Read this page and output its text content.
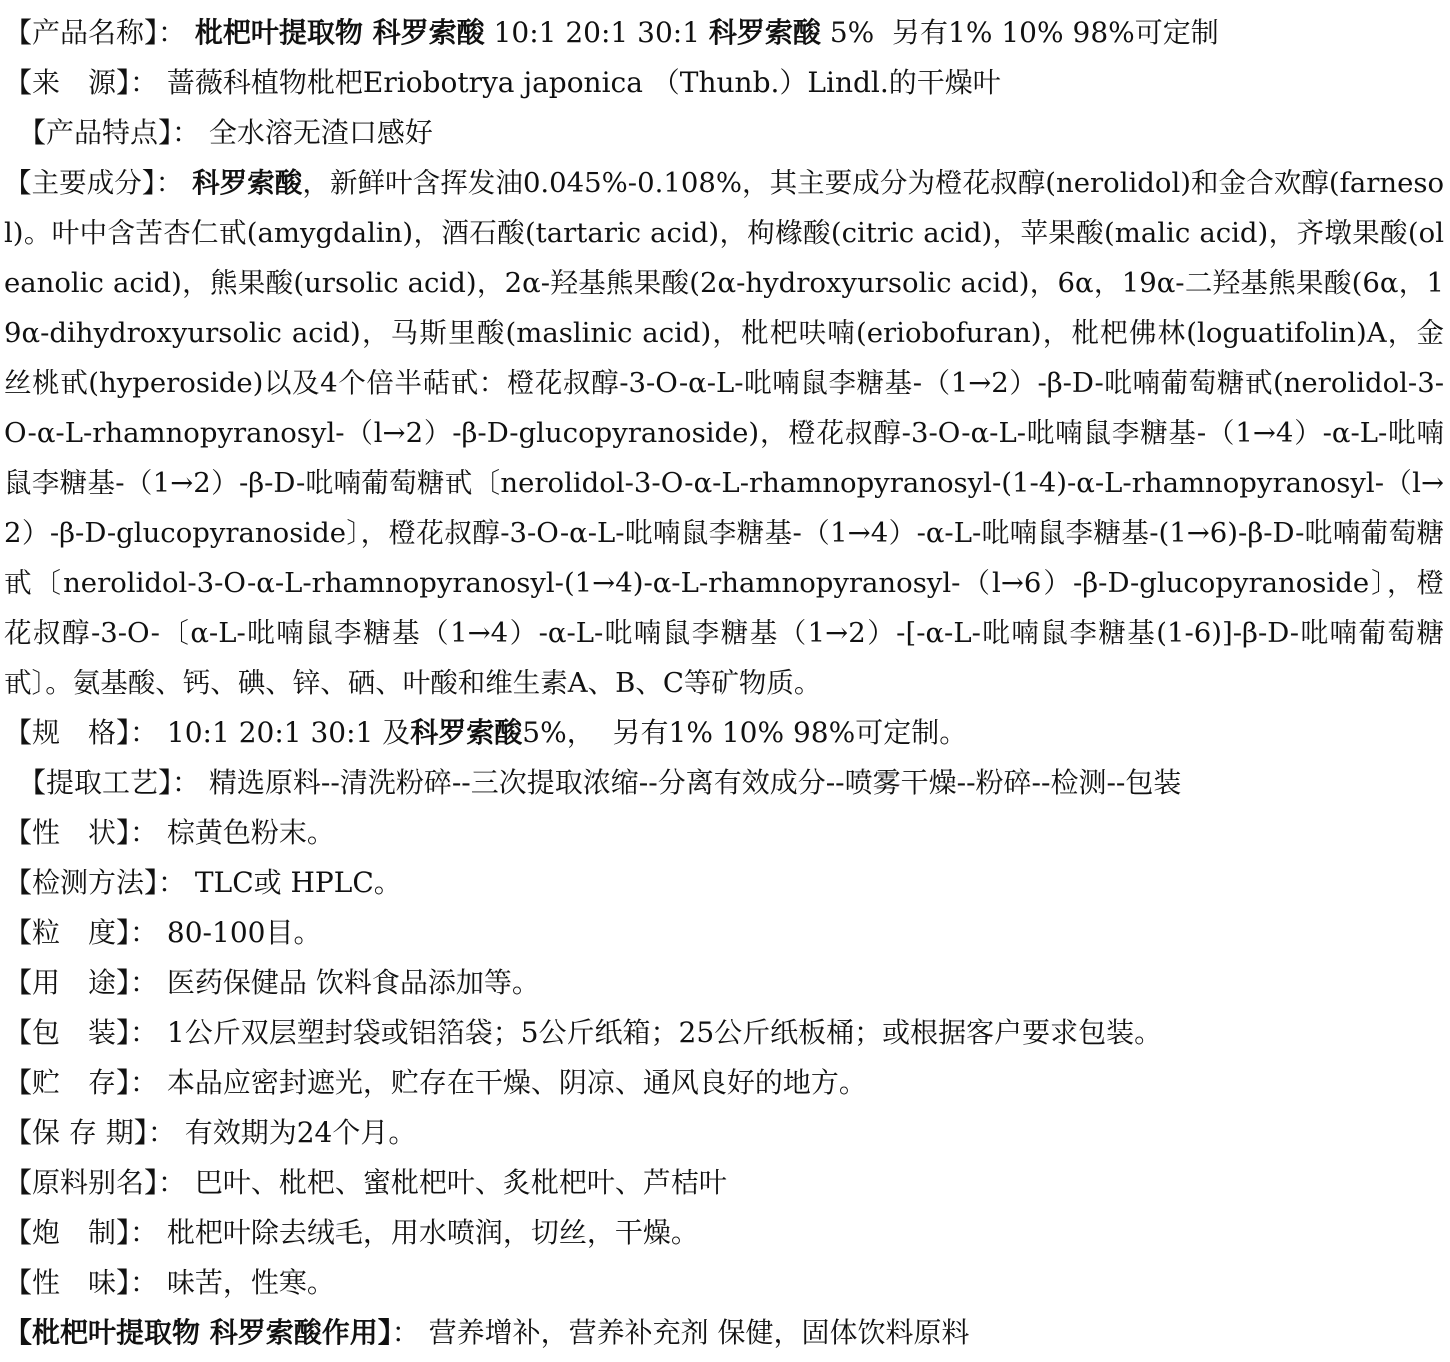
【产品名称】： 枇杷叶提取物 科罗索酸 10:1 20:1 30:1 科罗索酸 5%  另有1% 10% 98%可定制
【来　源】： 蔷薇科植物枇杷Eriobotrya japonica （Thunb.）Lindl.的干燥叶
【产品特点】： 全水溶无渣口感好

【主要成分】： 科罗索酸，新鲜叶含挥发油0.045%-0.108%，其主要成分为橙花叔醇(nerolidol)和金合欢醇(farnesol)。叶中含苦杏仁甙(amygdalin)，酒石酸(tartaric acid)，枸橼酸(citric acid)，苹果酸(malic acid)，齐墩果酸(oleanolic acid)，熊果酸(ursolic acid)，2α-羟基熊果酸(2α-hydroxyursolic acid)，6α，19α-二羟基熊果酸(6α，19α-dihydroxyursolic acid)，马斯里酸(maslinic acid)，枇杷呋喃(eriobofuran)，枇杷佛林(loguatifolin)A，金丝桃甙(hyperoside)以及4个倍半萜甙：橙花叔醇-3-O-α-L-吡喃鼠李糖基-（1→2）-β-D-吡喃葡萄糖甙(nerolidol-3-O-α-L-rhamnopyranosyl-（l→2）-β-D-glucopyranoside)，橙花叔醇-3-O-α-L-吡喃鼠李糖基-（1→4）-α-L-吡喃鼠李糖基-（1→2）-β-D-吡喃葡萄糖甙〔nerolidol-3-O-α-L-rhamnopyranosyl-(1-4)-α-L-rhamnopyranosyl-（l→2）-β-D-glucopyranoside〕，橙花叔醇-3-O-α-L-吡喃鼠李糖基-（1→4）-α-L-吡喃鼠李糖基-(1→6)-β-D-吡喃葡萄糖甙〔nerolidol-3-O-α-L-rhamnopyranosyl-(1→4)-α-L-rhamnopyranosyl-（l→6）-β-D-glucopyranoside〕，橙花叔醇-3-O-〔α-L-吡喃鼠李糖基（1→4）-α-L-吡喃鼠李糖基（1→2）-[-α-L-吡喃鼠李糖基(1-6)]-β-D-吡喃葡萄糖甙〕。氨基酸、钙、碘、锌、硒、叶酸和维生素A、B、C等矿物质。

【规　格】： 10:1 20:1 30:1 及科罗索酸5%，  另有1% 10% 98%可定制。
【提取工艺】： 精选原料--清洗粉碎--三次提取浓缩--分离有效成分--喷雾干燥--粉碎--检测--包装
【性　状】： 棕黄色粉末。
【检测方法】： TLC或 HPLC。
【粒　度】： 80-100目。
【用　途】： 医药保健品 饮料食品添加等。
【包　装】： 1公斤双层塑封袋或铝箔袋；5公斤纸箱；25公斤纸板桶；或根据客户要求包装。
【贮　存】： 本品应密封遮光，贮存在干燥、阴凉、通风良好的地方。
【保 存 期】： 有效期为24个月。
【原料别名】： 巴叶、枇杷、蜜枇杷叶、炙枇杷叶、芦桔叶
【炮　制】： 枇杷叶除去绒毛，用水喷润，切丝，干燥。
【性　味】： 味苦，性寒。
【枇杷叶提取物 科罗索酸作用】： 营养增补，营养补充剂 保健，固体饮料原料
